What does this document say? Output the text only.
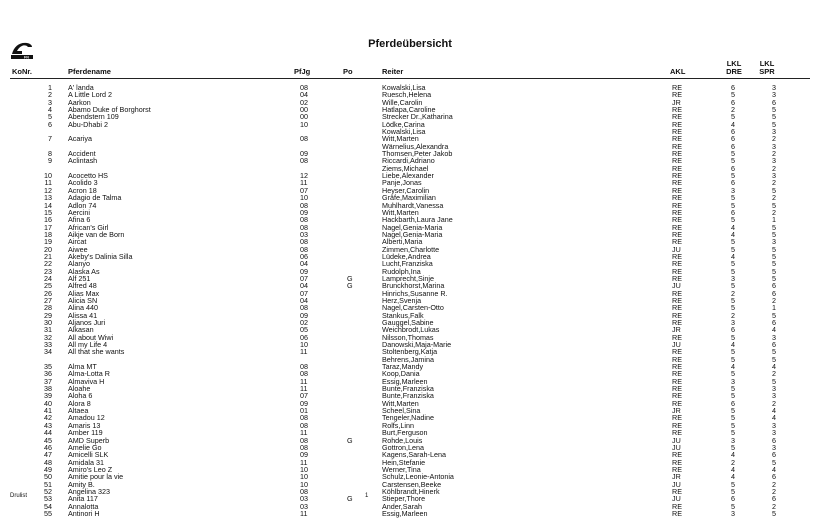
FN
Pferdeübersicht
KoNr.	Pferdename	PfJg	Po	Reiter	AKL
LKL
DRE
LKL
SPR
1 A' landa	08	Kowalski,Lisa	RE	6	3
2 A Little Lord 2	04	Ruesch,Helena	RE	5	3
3 Aarkon	02	Wille,Carolin	JR	6	6
4 Abamo Duke of Borghorst	00	Hatlapa,Caroline	RE	2	5
5 Abendstern 109	00	Strecker Dr.,Katharina	RE	5	5
6 Abu-Dhabi 2	10	Lödke,Carina	RE	4	5
Kowalski,Lisa	RE	6	3
7 Acariya	08	Witt,Marten	RE	6	2
Wärnelius,Alexandra	RE	6	3
8 Accident	09	Thomsen,Peter Jakob	RE	5	2
9 Aclintash	08	Riccardi,Adriano	RE	5	3
Ziems,Michael	RE	6	2
10 Acocetto HS	12	Liebe,Alexander	RE	5	3
11 Acolido 3	11	Panje,Jonas	RE	6	2
12 Acron 18	07	Heyser,Carolin	RE	3	5
13 Adagio de Talma	10	Gräfe,Maximilian	RE	5	2
14 Adlon 74	08	Muhlhardt,Vanessa	RE	5	5
15 Aercini	09	Witt,Marten	RE	6	2
16 Afina 6	08	Hackbarth,Laura Jane	RE	5	1
17 African's Girl	08	Nagel,Genia-Maria	RE	4	5
18 Aikje van de Born	03	Nagel,Genia-Maria	RE	4	5
19 Aircat	08	Alberti,Maria	RE	5	3
20 Aiwee	08	Zimmen,Charlotte	JU	5	5
21 Akeby's Dalinia Silla	06	Lüdeke,Andrea	RE	4	5
22 Alanyo	04	Lucht,Franziska	RE	5	5
23 Alaska As	09	Rudolph,Ina	RE	5	5
24 Alf 251	07	G	Lamprecht,Sinje	RE	3	5
25 Alfred 48	04	G	Brunckhorst,Marina	JU	5	6
26 Alias Max	07	Hinrichs,Susanne R.	RE	2	6
27 Alicia SN	04	Herz,Svenja	RE	5	2
28 Alina 440	08	Nagel,Carsten-Otto	RE	5	1
29 Alissa 41	09	Stankus,Falk	RE	2	5
30 Aljanos Juri	02	Gauggel,Sabine	RE	3	6
31 Alkasan	05	Weichbrodt,Lukas	JR	6	4
32 All about Wiwi	06	Nilsson,Thomas	RE	5	3
33 All my Life 4	10	Danowski,Maja-Marie	JU	4	6
34 All that she wants	11	Stoltenberg,Katja	RE	5	5
Behrens,Jamina	RE	5	5
35 Alma MT	08	Taraz,Mandy	RE	4	4
36 Alma-Lotta R	08	Koop,Dania	RE	5	2
37 Almaviva H	11	Essig,Marleen	RE	3	5
38 Aloahe	11	Bunte,Franziska	RE	5	3
39 Aloha 6	07	Bunte,Franziska	RE	5	3
40 Alora 8	09	Witt,Marten	RE	6	2
41 Altaea	01	Scheel,Sina	JR	5	4
42 Amadou 12	08	Tengeler,Nadine	RE	5	4
43 Amaris 13	08	Rolfs,Linn	RE	5	3
44 Amber 119	11	Burt,Ferguson	RE	5	3
45 AMD Superb	08	G	Rohde,Louis	JU	3	6
46 Amelie Go	08	Gottron,Lena	JU	5	3
47 Amicelli SLK	09	Kagens,Sarah-Lena	RE	4	6
48 Amidala 31	11	Hein,Stefanie	RE	2	5
49 Amiro's Leo Z	10	Werner,Tina	RE	4	4
50 Amitie pour la vie	10	Schulz,Leonie-Antonia	JR	4	6
51 Amity B.	10	Carstensen,Beeke	JU	5	2
52 Angelina 323	08	Köhlbrandt,Hinerk	RE	5	2
53 Anita 117	03	G	Stieper,Thore	JU	6	6
54 Annalotta	03	Ander,Sarah	RE	5	2
55 Antinori H	11	Essig,Marleen	RE	3	5
Drulist	1
